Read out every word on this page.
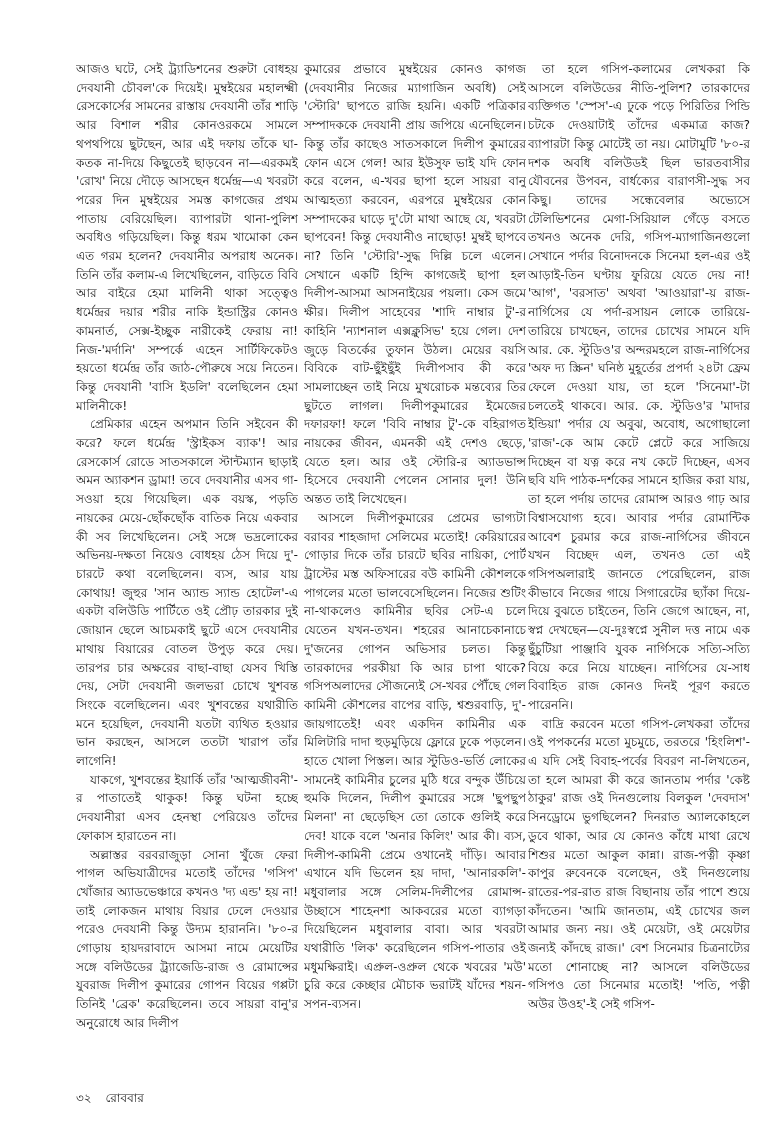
আজও ঘটে, সেই ট্র্যাডিশনের শুরুটা বোধহয় দেবযানী চৌবল'কে দিয়েই। মুম্বইয়ের মহালক্ষ্মী রেসকোর্সের সামনের রাস্তায় দেবযানী তাঁর শাড়ি আর বিশাল শরীর কোনওরকমে সামলে থপথপিয়ে ছুটছেন, আর এই দফায় তাঁকে ঘা-কতক না-দিয়ে কিছুতেই ছাড়বেন না—এরকমই 'রোখ' নিয়ে দৌড়ে আসছেন ধর্মেন্দ্র—এ খবরটা পরের দিন মুম্বইয়ের সমস্ত কাগজের প্রথম পাতায় বেরিয়েছিল। ব্যাপারটা থানা-পুলিশ অবধিও গড়িয়েছিল। কিন্তু ধরম খামোকা কেন এত গরম হলেন? দেবযানীর অপরাধ অনেক। তিনি তাঁর কলাম-এ লিখেছিলেন, বাড়িতে বিবি আর বাইরে হেমা মালিনী থাকা সত্ত্বেও ধর্মেন্দ্রর দয়ার শরীর নাকি ইন্ডাস্ট্রির কোনও কামনার্ত, সেক্স-ইচ্ছুক নারীকেই ফেরায় না! নিজ-'মর্দানি' সম্পর্কে এহেন সার্টিফিকেটও হয়তো ধর্মেন্দ্র তাঁর জাঠ-পৌরুষে সয়ে নিতেন। কিন্তু দেবযানী 'বাসি ইডলি' বলেছিলেন হেমা মালিনীকে!

প্রেমিকার এহেন অপমান তিনি সইবেন কী করে? ফলে ধর্মেন্দ্র 'স্ট্রাইকস ব্যাক'! আর রেসকোর্স রোডে সাতসকালে স্টান্টম্যান ছাড়াই অমন অ্যাকশন ড্রামা! তবে দেবযানীর এসব গা-সওয়া হয়ে গিয়েছিল। এক বয়স্ক, পড়তি নায়কের মেয়ে-ছোঁকছোঁক বাতিক নিয়ে একবার কী সব লিখেছিলেন। সেই সঙ্গে ভদ্রলোকের অভিনয়-দক্ষতা নিয়েও বোধহয় ঠেস দিয়ে দু'-চারটে কথা বলেছিলেন। ব্যস, আর যায় কোথায়! জুহুর 'সান অ্যান্ড স্যান্ড হোটেল'-এ একটা বলিউডি পার্টিতে ওই প্রৌঢ় তারকার দুই জোয়ান ছেলে আচমকাই ছুটে এসে দেবযানীর মাথায় বিয়ারের বোতল উপুড় করে দেয়। তারপর চার অক্ষরের বাছা-বাছা যেসব খিস্তি দেয়, সেটা দেবযানী জলভরা চোখে খুশবন্ত সিংকে বলেছিলেন। এবং খুশবন্তের যথারীতি মনে হয়েছিল, দেবযানী যতটা ব্যথিত হওয়ার ভান করছেন, আসলে ততটা খারাপ তাঁর লাগেনি!

যাকগে, খুশবন্তের ইয়ার্কি তাঁর 'আত্মজীবনী'-র পাতাতেই থাকুক! কিন্তু ঘটনা হচ্ছে দেবযানীরা এসব হেনস্থা পেরিয়েও তাঁদের ফোকাস হারাতেন না।

অল্লাস্তর বরবরাজুড়া সোনা খুঁজে ফেরা পাগল অভিযাত্রীদের মতোই তাঁদের 'গসিপ' খোঁজার অ্যাডভেঞ্চারে কখনও 'দ্য এন্ড' হয় না! তাই লোকজন মাথায় বিয়ার ঢেলে দেওয়ার পরেও দেবযানী কিন্তু উদ্যম হারাননি। '৮০-র গোড়ায় হায়দরাবাদে আসমা নামে মেয়েটির সঙ্গে বলিউডের ট্র্যাজেডি-রাজ ও রোমান্সের যুবরাজ দিলীপ কুমারের গোপন বিয়ের গপ্পটা তিনিই 'ব্রেক' করেছিলেন। তবে সায়রা বানু'র অনুরোধে আর দিলীপ

কুমারের প্রভাবে মুম্বইয়ের কোনও কাগজ (দেবযানীর নিজের ম্যাগাজিন অবধি) সেই 'স্টোরি' ছাপতে রাজি হয়নি। একটি পত্রিকার সম্পাদককে দেবযানী প্রায় জপিয়ে এনেছিলেন। কিন্তু তাঁর কাছেও সাতসকালে দিলীপ কুমারের ফোন এসে গেল! আর ইউসুফ ভাই যদি ফোন করে বলেন, এ-খবর ছাপা হলে সায়রা বানু আত্মহত্যা করবেন, এরপরে মুম্বইয়ের কোন সম্পাদকের ঘাড়ে দু'টো মাথা আছে যে, খবরটা ছাপবেন! কিন্তু দেবযানীও নাছোড়! মুম্বই ছাপবে না? তিনি 'স্টোরি'-সুদ্ধ দিল্লি চলে এলেন। সেখানে একটি হিন্দি কাগজেই ছাপা হল দিলীপ-আসমা আসনাইয়ের পয়লা। কেস জমে ক্ষীর। দিলীপ সাহেবের 'শাদি নাম্বার টু'-র কাহিনি 'ন্যাশনাল এক্সক্লুসিভ' হয়ে গেল। দেশ জুড়ে বিতর্কের তুফান উঠল। মেয়ের বয়সি বিবিকে বাট-ছুঁইছুঁই দিলীপসাব কী করে সামলাচ্ছেন তাই নিয়ে মুখরোচক মন্তব্যের তির ছুটতে লাগল। দিলীপকুমারের ইমেজের দফারফা! ফলে 'বিবি নাম্বার টু'-কে বহিরাগত নায়কের জীবন, এমনকী এই দেশও ছেড়ে, যেতে হল। আর ওই স্টোরি-র অ্যাডভান্স হিসেবে দেবযানী পেলেন সোনার দুল! উনি অন্তত তাই লিখেছেন।

আসলে দিলীপকুমারের প্রেমের ভাগ্যটা বরাবর শাহজাদা সেলিমের মতোই! কেরিয়ারের গোড়ার দিকে তাঁর চারটে ছবির নায়িকা, পোর্ট ট্রাস্টের মস্ত অফিসারের বউ কামিনী কৌশলকে পাগলের মতো ভালবেসেছিলেন। নিজের শুটিং না-থাকলেও কামিনীর ছবির সেট-এ চলে যেতেন যখন-তখন। শহরের আনাচেকানাচে দু'জনের গোপন অভিসার চলত। কিন্তু তারকাদের পরকীয়া কি আর চাপা থাকে? গসিপঅলাদের সৌজন্যেই সে-খবর পৌঁছে গেল কামিনী কৌশলের বাপের বাড়ি, শ্বশুরবাড়ি, দু'-জায়গাতেই! এবং একদিন কামিনীর এক মিলিটারি দাদা হুড়মুড়িয়ে ফ্লোরে ঢুকে পড়লেন। হাতে খোলা পিস্তল। আর স্টুডিও-ভর্তি লোকের সামনেই কামিনীর চুলের মুঠি ধরে বন্দুক উঁচিয়ে হুমকি দিলেন, দিলীপ কুমারের সঙ্গে 'ছুপছুপ মিলনা' না ছেড়েছিস তো তোকে গুলিই করে দেব! যাকে বলে 'অনার কিলিং' আর কী। ব্যস, দিলীপ-কামিনী প্রেমে ওখানেই দাঁড়ি। আবার এখানে যদি ভিলেন হয় দাদা, 'আনারকলি'-মধুবালার সঙ্গে সেলিম-দিলীপের রোমান্স-উচ্ছাসে শাহেনশা আকবরের মতো ব্যাগড়া দিয়েছিলেন মধুবালার বাবা। আর খবরটা যথারীতি 'লিক' করেছিলেন গসিপ-পাতার ওই মধুমক্ষিরাই। এপ্রুল-ওপ্রুল থেকে খবরের 'মউ' চুরি করে কেচ্ছার মৌচাক ভরাটই যাঁদের শয়ন-সপন-ব্যসন।

তা হলে গসিপ-কলামের লেখকরা কি আসলে বলিউডের নীতি-পুলিশ? তারকাদের ব্যক্তিগত 'স্পেস'-এ ঢুকে পড়ে পিরিতির পিন্ডি চটকে দেওয়াটাই তাঁদের একমাত্র কাজ? ব্যাপারটা কিন্তু মোটেই তা নয়। মোটামুটি '৮০-র দশক অবধি বলিউডই ছিল ভারতবাসীর যৌবনের উপবন, বার্ধক্যের বারাণসী-সুদ্ধ সব কিছু। তাদের সন্ধেবেলার অভ্যেসে টেলিভিশনের মেগা-সিরিয়াল গেঁড়ে বসতে তখনও অনেক দেরি, গসিপ-ম্যাগাজিনগুলো সেখানে পর্দার বিনোদনকে সিনেমা হল-এর ওই আড়াই-তিন ঘণ্টায় ফুরিয়ে যেতে দেয় না! 'আগ', 'বরসাত' অথবা 'আওয়ারা'-য় রাজ-নার্গিসের যে পর্দা-রসায়ন লোকে তারিয়ে-তারিয়ে চাখছেন, তাদের চোখের সামনে যদি আর. কে. স্টুডিও'র অন্দরমহলে রাজ-নার্গিসের 'অফ দ্য স্ক্রিন' ঘনিষ্ঠ মুহূর্তের প্রপর্দা ২৪টা ফ্রেম ফেলে দেওয়া যায়, তা হলে 'সিনেমা'-টা চলতেই থাকবে। আর. কে. স্টুডিও'র 'মাদার ইন্ডিয়া' পর্দার যে অবুঝ, অবোধ, অগোছালো 'রাজ'-কে আম কেটে প্লেটে করে সাজিয়ে দিচ্ছেন বা যত্ন করে নখ কেটে দিচ্ছেন, এসব ছবি যদি পাঠক-দর্শকের সামনে হাজির করা যায়, তা হলে পর্দায় তাদের রোমান্স আরও গাঢ় আর বিশ্বাসযোগ্য হবে। আবার পর্দার রোমান্টিক আবেশ চুরমার করে রাজ-নার্গিসের জীবনে যখন বিচ্ছেদ এল, তখনও তো এই গসিপঅলারাই জানতে পেরেছিলেন, রাজ কীভাবে নিজের গায়ে সিগারেটের ছ্যাঁকা দিয়ে-দিয়ে বুঝতে চাইতেন, তিনি জেগে আছেন, না, স্বপ্ন দেখছেন—যে-দুঃস্বপ্নে সুনীল দত্ত নামে এক ছুঁচুটিয়া পাঞ্জাবি যুবক নার্গিসকে সত্যি-সত্যি বিয়ে করে নিয়ে যাচ্ছেন। নার্গিসের যে-সাধ বিবাহিত রাজ কোনও দিনই পূরণ করতে পারেননি।

বাদ্রি করবেন মতো গসিপ-লেখকরা তাঁদের ওই পপকর্নের মতো মুচমুচে, তরতরে 'হিংলিশ'-এ যদি সেই বিবাহ-পর্বের বিবরণ না-লিখতেন, তা হলে আমরা কী করে জানতাম পর্দার 'কেষ্ট ঠাকুর' রাজ ওই দিনগুলোয় বিলকুল 'দেবদাস' সিনড্রোমে ভুগছিলেন? দিনরাত অ্যালকোহলে ডুবে থাকা, আর যে কোনও কাঁধে মাথা রেখে শিশুর মতো আকুল কান্না। রাজ-পত্নী কৃষ্ণা কাপুর রুবেনকে বলেছেন, ওই দিনগুলোয় রাতের-পর-রাত রাজ বিছানায় তাঁর পাশে শুয়ে কাঁদতেন। 'আমি জানতাম, এই চোখের জল আমার জন্য নয়। ওই মেয়েটা, ওই মেয়েটার জন্যই কাঁদছে রাজ।' বেশ সিনেমার চিত্রনাট্যের মতো শোনাচ্ছে না? আসলে বলিউডের গসিপও তো সিনেমার মতোই! 'পতি, পত্নী অউর উওহ'-ই সেই গসিপ-

৩২ রোববার
